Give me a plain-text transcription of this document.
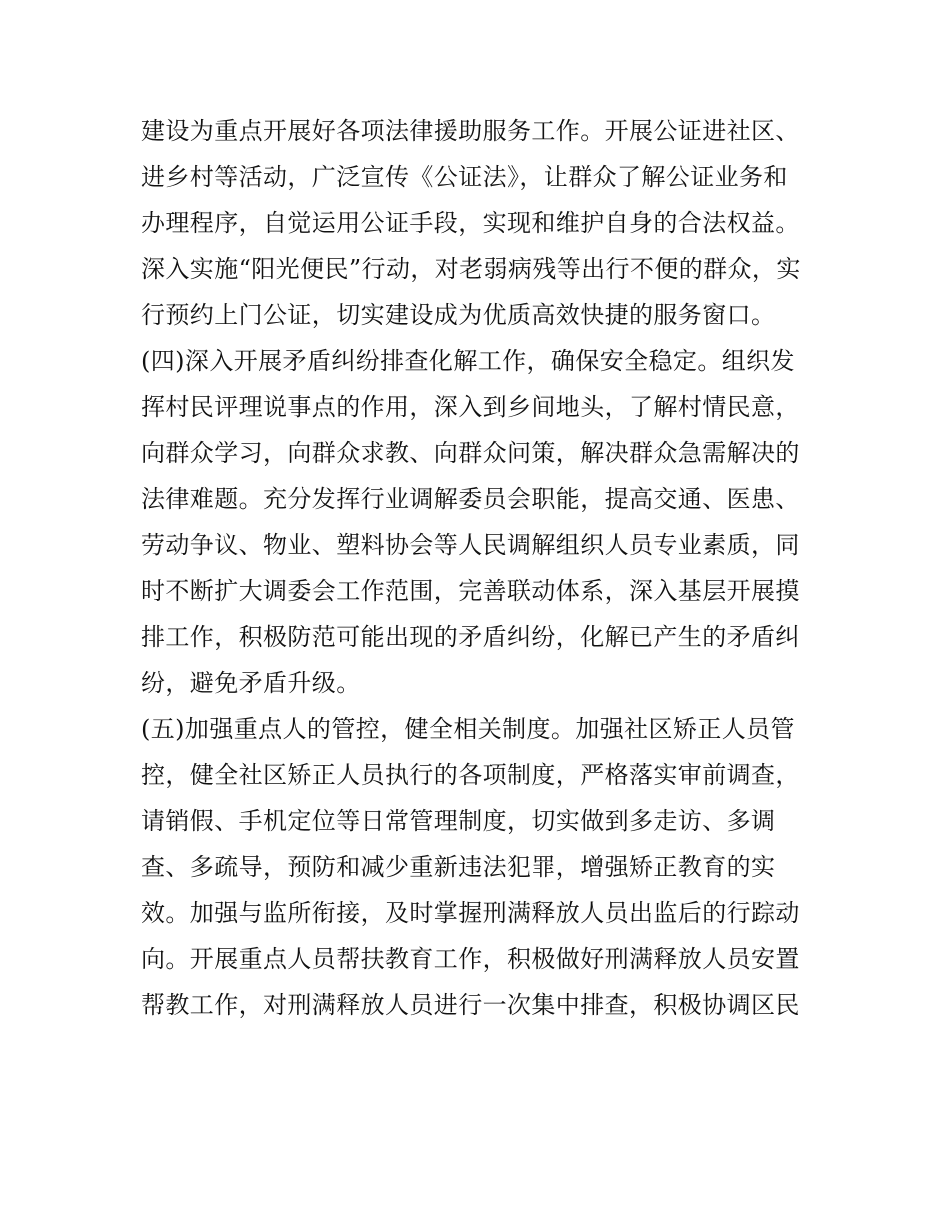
建设为重点开展好各项法律援助服务工作。开展公证进社区、
进乡村等活动，广泛宣传《公证法》，让群众了解公证业务和
办理程序，自觉运用公证手段，实现和维护自身的合法权益。
深入实施“阳光便民”行动，对老弱病残等出行不便的群众，实
行预约上门公证，切实建设成为优质高效快捷的服务窗口。
(四)深入开展矛盾纠纷排查化解工作，确保安全稳定。组织发
挥村民评理说事点的作用，深入到乡间地头，了解村情民意，
向群众学习，向群众求教、向群众问策，解决群众急需解决的
法律难题。充分发挥行业调解委员会职能，提高交通、医患、
劳动争议、物业、塑料协会等人民调解组织人员专业素质，同
时不断扩大调委会工作范围，完善联动体系，深入基层开展摸
排工作，积极防范可能出现的矛盾纠纷，化解已产生的矛盾纠
纷，避免矛盾升级。
(五)加强重点人的管控，健全相关制度。加强社区矫正人员管
控，健全社区矫正人员执行的各项制度，严格落实审前调查，
请销假、手机定位等日常管理制度，切实做到多走访、多调
查、多疏导，预防和减少重新违法犯罪，增强矫正教育的实
效。加强与监所衔接，及时掌握刑满释放人员出监后的行踪动
向。开展重点人员帮扶教育工作，积极做好刑满释放人员安置
帮教工作，对刑满释放人员进行一次集中排查，积极协调区民
